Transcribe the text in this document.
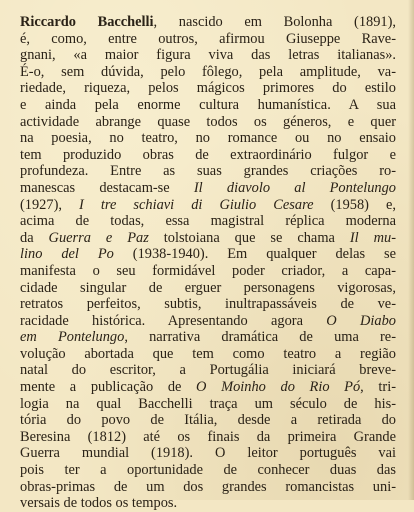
Riccardo Bacchelli, nascido em Bolonha (1891),
é, como, entre outros, afirmou Giuseppe Rave-
gnani, «a maior figura viva das letras italianas».
É-o, sem dúvida, pelo fôlego, pela amplitude, va-
riedade, riqueza, pelos mágicos primores do estilo
e ainda pela enorme cultura humanística. A sua
actividade abrange quase todos os géneros, e quer
na poesia, no teatro, no romance ou no ensaio
tem produzido obras de extraordinário fulgor e
profundeza. Entre as suas grandes criações ro-
manescas destacam-se Il diavolo al Pontelungo
(1927), I tre schiavi di Giulio Cesare (1958) e,
acima de todas, essa magistral réplica moderna
da Guerra e Paz tolstoiana que se chama Il mu-
lino del Po (1938-1940). Em qualquer delas se
manifesta o seu formidável poder criador, a capa-
cidade singular de erguer personagens vigorosas,
retratos perfeitos, subtis, inultrapassáveis de ve-
racidade histórica. Apresentando agora O Diabo
em Pontelungo, narrativa dramática de uma re-
volução abortada que tem como teatro a região
natal do escritor, a Portugália iniciará breve-
mente a publicação de O Moinho do Rio Pó, tri-
logia na qual Bacchelli traça um século de his-
tória do povo de Itália, desde a retirada do
Beresina (1812) até os finais da primeira Grande
Guerra mundial (1918). O leitor português vai
pois ter a oportunidade de conhecer duas das
obras-primas de um dos grandes romancistas uni-
versais de todos os tempos.
